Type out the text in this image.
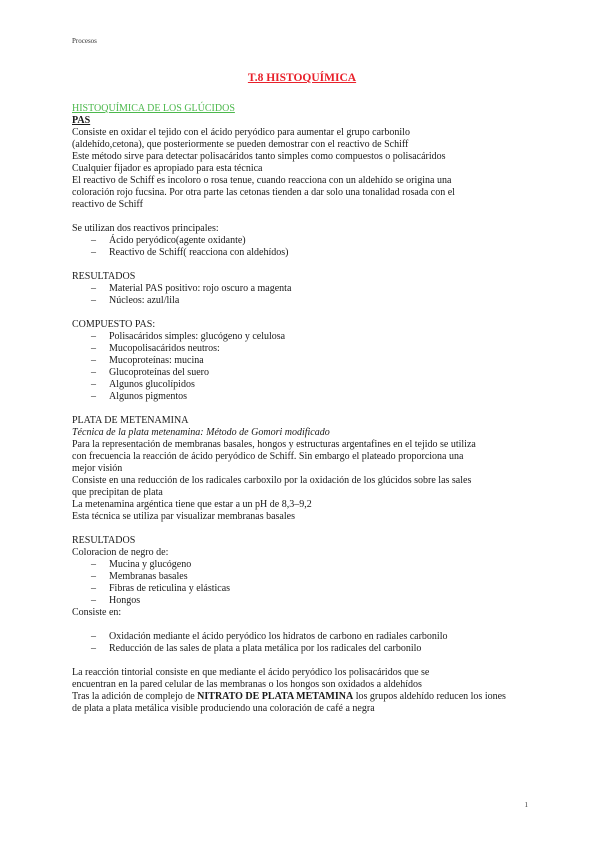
Procesos
T.8 HISTOQUÍMICA
HISTOQUÍMICA DE LOS GLÚCIDOS
PAS

Consiste en oxidar el tejido con el ácido peryódico para aumentar el grupo carbonilo

(aldehído,cetona), que posteriormente se pueden demostrar con el reactivo de Schiff

Este método sirve para detectar polisacáridos tanto simples como compuestos o polisacáridos

Cualquier fijador es apropiado para esta técnica

El reactivo de Schiff es incoloro o rosa tenue, cuando reacciona con un aldehído se origina una

coloración rojo fucsina. Por otra parte las cetonas tienden a dar solo una tonalidad rosada con el

reactivo de Schiff

Se utilizan dos reactivos principales:

– Ácido peryódico(agente oxidante)
– Reactivo de Schiff( reacciona con aldehídos)

RESULTADOS

– Material PAS positivo: rojo oscuro a magenta
– Núcleos: azul/lila

COMPUESTO PAS:

– Polisacáridos simples: glucógeno y celulosa
– Mucopolisacáridos neutros:
– Mucoproteínas: mucina
– Glucoproteínas del suero
– Algunos glucolípidos
– Algunos pigmentos

PLATA DE METENAMINA

Técnica de la plata metenamina: Método de Gomori modificado

Para la representación de membranas basales, hongos y estructuras argentafines en el tejido se utiliza

con frecuencia la reacción de ácido peryódico de Schiff. Sin embargo el plateado proporciona una

mejor visión

Consiste en una reducción de los radicales carboxilo por la oxidación de los glúcidos sobre las sales

que precipitan de plata

La metenamina argéntica tiene que estar a un pH de 8,3–9,2

Esta técnica se utiliza par visualizar membranas basales

RESULTADOS

Coloracion de negro de:

– Mucina y glucógeno
– Membranas basales
– Fibras de reticulina y elásticas
– Hongos

Consiste en:

– Oxidación mediante el ácido peryódico los hidratos de carbono en radiales carbonilo
– Reducción de las sales de plata a plata metálica por los radicales del carbonilo

La reacción tintorial consiste en que mediante el ácido peryódico los polisacáridos que se

encuentran en la pared celular de las membranas o los hongos son oxidados a aldehídos

Tras la adición de complejo de NITRATO DE PLATA METAMINA los grupos aldehído reducen los iones

de plata a plata metálica visible produciendo una coloración de café a negra

1
